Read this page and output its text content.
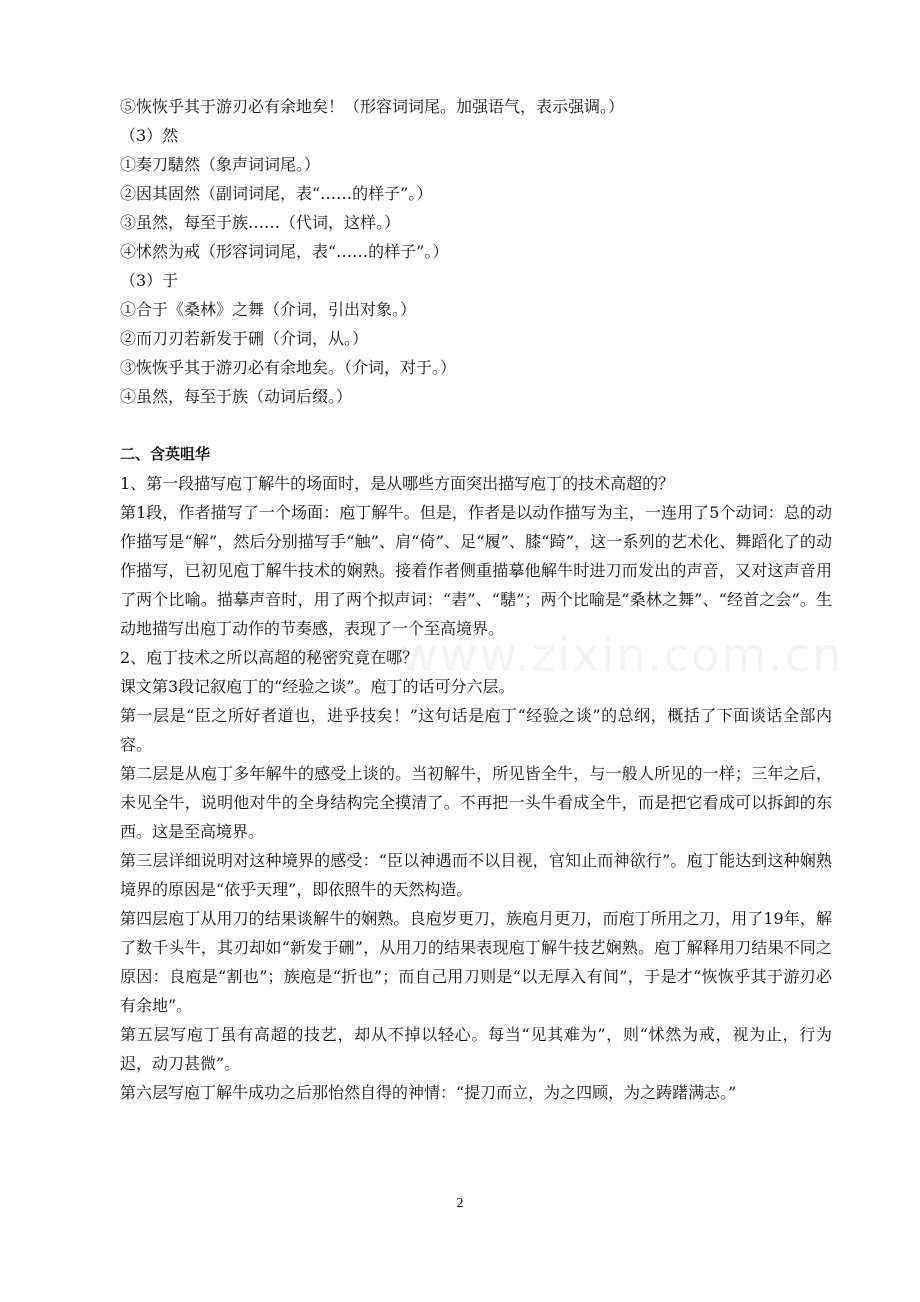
www.zixin.com.cn
⑤恢恢乎其于游刃必有余地矣！（形容词词尾。加强语气，表示强调。）
（3）然
①奏刀騞然（象声词词尾。）
②因其固然（副词词尾，表“……的样子”。）
③虽然，每至于族……（代词，这样。）
④怵然为戒（形容词词尾，表“……的样子”。）
（3）于
①合于《桑林》之舞（介词，引出对象。）
②而刀刃若新发于硎（介词，从。）
③恢恢乎其于游刃必有余地矣。（介词，对于。）
④虽然，每至于族（动词后缀。）
二、含英咀华
1、第一段描写庖丁解牛的场面时，是从哪些方面突出描写庖丁的技术高超的？
第1段，作者描写了一个场面：庖丁解牛。但是，作者是以动作描写为主，一连用了5个动词：总的动作描写是“解”，然后分别描写手“触”、肩“倚”、足“履”、膝“踦”，这一系列的艺术化、舞蹈化了的动作描写，已初见庖丁解牛技术的娴熟。接着作者侧重描摹他解牛时进刀而发出的声音，又对这声音用了两个比喻。描摹声音时，用了两个拟声词：“砉”、“騞”；两个比喻是“桑林之舞”、“经首之会”。生动地描写出庖丁动作的节奏感，表现了一个至高境界。
2、庖丁技术之所以高超的秘密究竟在哪？
课文第3段记叙庖丁的“经验之谈”。庖丁的话可分六层。
第一层是“臣之所好者道也，进乎技矣！”这句话是庖丁“经验之谈”的总纲，概括了下面谈话全部内容。
第二层是从庖丁多年解牛的感受上谈的。当初解牛，所见皆全牛，与一般人所见的一样；三年之后，未见全牛，说明他对牛的全身结构完全摸清了。不再把一头牛看成全牛，而是把它看成可以拆卸的东西。这是至高境界。
第三层详细说明对这种境界的感受：“臣以神遇而不以目视，官知止而神欲行”。庖丁能达到这种娴熟境界的原因是“依乎天理”，即依照牛的天然构造。
第四层庖丁从用刀的结果谈解牛的娴熟。良庖岁更刀，族庖月更刀，而庖丁所用之刀，用了19年，解了数千头牛，其刃却如“新发于硎”，从用刀的结果表现庖丁解牛技艺娴熟。庖丁解释用刀结果不同之原因：良庖是“割也”；族庖是“折也”；而自己用刀则是“以无厚入有间”，于是才“恢恢乎其于游刃必有余地”。
第五层写庖丁虽有高超的技艺，却从不掉以轻心。每当“见其难为”，则“怵然为戒，视为止，行为迟，动刀甚微”。
第六层写庖丁解牛成功之后那怡然自得的神情：“提刀而立，为之四顾，为之踌躇满志。”
2
